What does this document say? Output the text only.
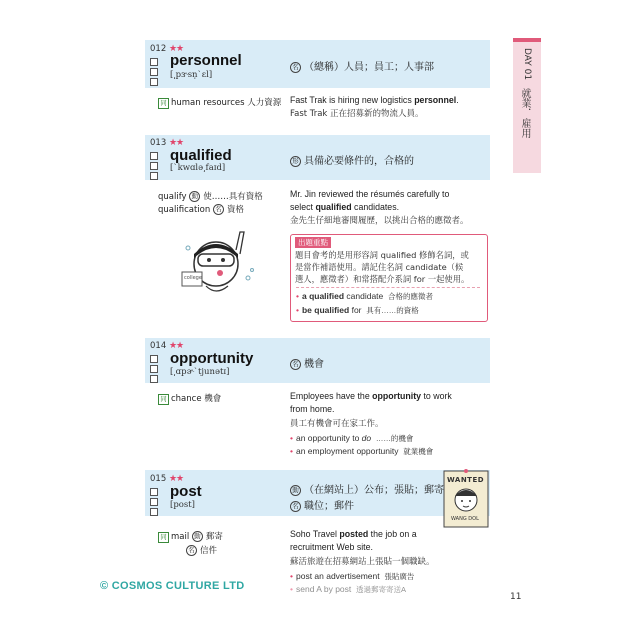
DAY 01
就業．雇用
012 ★★

personnel
[͵pɝsn̩ˋɛl]
名 （總稱）人員；員工；人事部
同 human resources 人力資源 Fast Trak is hiring new logistics personnel.
Fast Trak 正在招募新的物流人員。
013 ★★

qualified
[ˋkwɑlə͵faɪd]
形 具備必要條件的，合格的
qualify 動 使……具有資格
qualification 名 資格
Mr. Jin reviewed the résumés carefully to
select qualified candidates.
金先生仔細地審閱履歷，以挑出合格的應徵者。
college
出題重點
題目會考的是用形容詞 qualified 修飾名詞，或
是當作補語使用。請記住名詞 candidate（候
選人，應徵者）和常搭配介系詞 for 一起使用。
• a qualified candidate 合格的應徵者
• be qualified for 具有……的資格
014 ★★

opportunity
[͵ɑpɚˋtjunətɪ]
名 機會
同 chance 機會	Employees have the opportunity to work
from home.
員工有機會可在家工作。
• an opportunity to do ……的機會
• an employment opportunity 就業機會
015 ★★

post
[post]
動 （在網站上）公布；張貼；郵寄
名 職位；郵件
WANTED
WANG DOL
同 mail 動 郵寄
名 信件
Soho Travel posted the job on a
recruitment Web site.
蘇活旅遊在招募網站上張貼一個職缺。
• post an advertisement 張貼廣告
• send A by post 透過郵寄寄送A
© COSMOS CULTURE LTD
11
